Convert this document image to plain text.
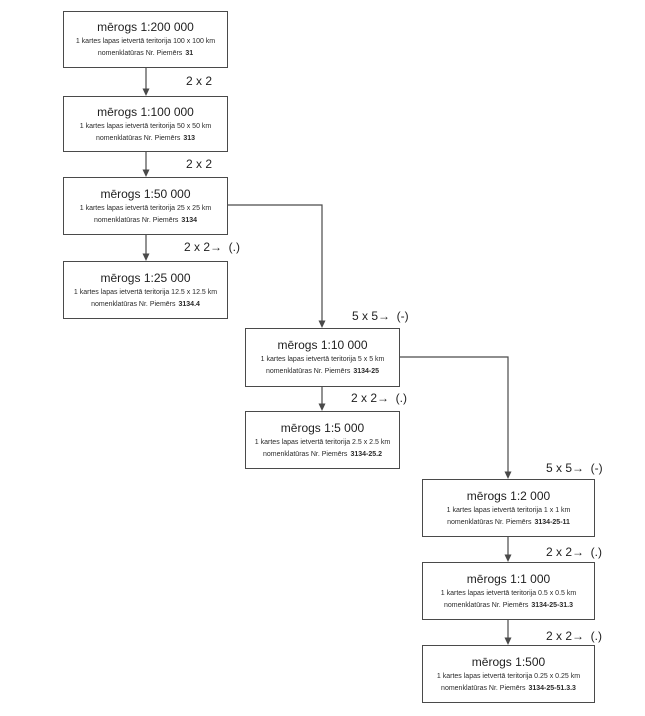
mērogs 1:200 000
1 kartes lapas ietvertā teritorija 100 x 100 km
nomenklatūras Nr. Piemērs 31
mērogs 1:100 000
1 kartes lapas ietvertā teritorija 50 x 50 km
nomenklatūras Nr. Piemērs 313
mērogs 1:50 000
1 kartes lapas ietvertā teritorija 25 x 25 km
nomenklatūras Nr. Piemērs 3134
mērogs 1:25 000
1 kartes lapas ietvertā teritorija 12.5 x 12.5 km
nomenklatūras Nr. Piemērs 3134.4
mērogs 1:10 000
1 kartes lapas ietvertā teritorija 5 x 5 km
nomenklatūras Nr. Piemērs 3134-25
mērogs 1:5 000
1 kartes lapas ietvertā teritorija 2.5 x 2.5 km
nomenklatūras Nr. Piemērs 3134-25.2
mērogs 1:2 000
1 kartes lapas ietvertā teritorija 1 x 1 km
nomenklatūras Nr. Piemērs 3134-25-11
mērogs 1:1 000
1 kartes lapas ietvertā teritorija 0.5 x 0.5 km
nomenklatūras Nr. Piemērs 3134-25-31.3
mērogs 1:500
1 kartes lapas ietvertā teritorija 0.25 x 0.25 km
nomenklatūras Nr. Piemērs 3134-25-51.3.3
2 x 2
2 x 2
2 x 2→  (.)
5 x 5→  (-)
2 x 2→  (.)
5 x 5→  (-)
2 x 2→  (.)
2 x 2→  (.)
